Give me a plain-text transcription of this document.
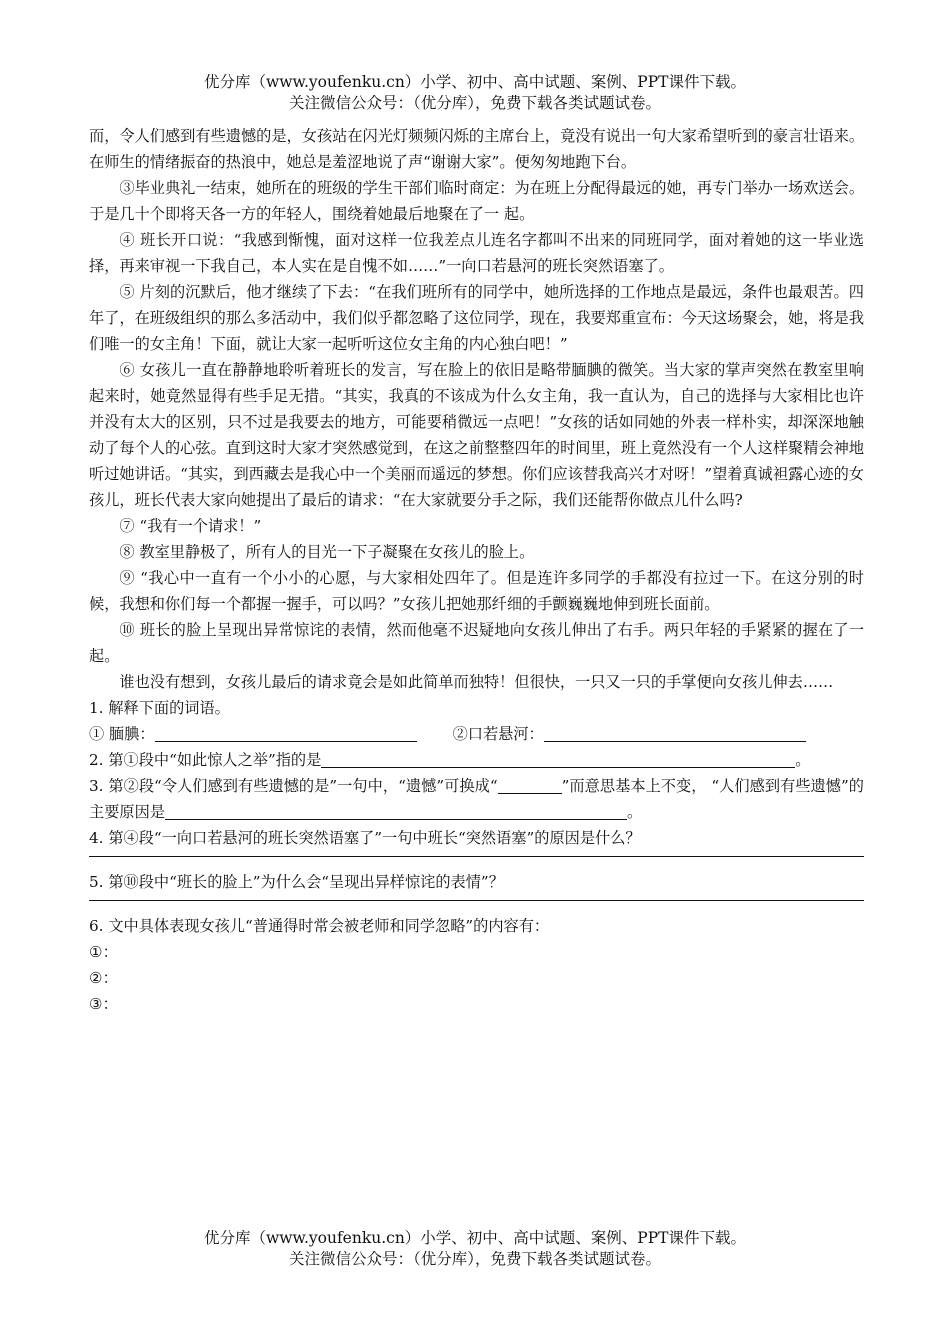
优分库（www.youfenku.cn）小学、初中、高中试题、案例、PPT课件下载。
关注微信公众号：（优分库），免费下载各类试题试卷。

而，令人们感到有些遗憾的是，女孩站在闪光灯频频闪烁的主席台上，竟没有说出一句大家希望听到的豪言壮语来。在师生的情绪振奋的热浪中，她总是羞涩地说了声“谢谢大家”。便匆匆地跑下台。

③毕业典礼一结束，她所在的班级的学生干部们临时商定：为在班上分配得最远的她，再专门举办一场欢送会。于是几十个即将天各一方的年轻人，围绕着她最后地聚在了一 起。

④ 班长开口说：“我感到惭愧，面对这样一位我差点儿连名字都叫不出来的同班同学，面对着她的这一毕业选择，再来审视一下我自己，本人实在是自愧不如……”一向口若悬河的班长突然语塞了。

⑤ 片刻的沉默后，他才继续了下去：“在我们班所有的同学中，她所选择的工作地点是最远，条件也最艰苦。四年了，在班级组织的那么多活动中，我们似乎都忽略了这位同学，现在，我要郑重宣布：今天这场聚会，她，将是我们唯一的女主角！下面，就让大家一起听听这位女主角的内心独白吧！”

⑥ 女孩儿一直在静静地聆听着班长的发言，写在脸上的依旧是略带腼腆的微笑。当大家的掌声突然在教室里响起来时，她竟然显得有些手足无措。“其实，我真的不该成为什么女主角，我一直认为，自己的选择与大家相比也许并没有太大的区别，只不过是我要去的地方，可能要稍微远一点吧！”女孩的话如同她的外表一样朴实，却深深地触动了每个人的心弦。直到这时大家才突然感觉到，在这之前整整四年的时间里，班上竟然没有一个人这样聚精会神地听过她讲话。“其实，到西藏去是我心中一个美丽而遥远的梦想。你们应该替我高兴才对呀！”望着真诚袒露心迹的女孩儿，班长代表大家向她提出了最后的请求：“在大家就要分手之际，我们还能帮你做点儿什么吗?

⑦ “我有一个请求！”

⑧ 教室里静极了，所有人的目光一下子凝聚在女孩儿的脸上。

⑨ “我心中一直有一个小小的心愿，与大家相处四年了。但是连许多同学的手都没有拉过一下。在这分别的时候，我想和你们每一个都握一握手，可以吗？”女孩儿把她那纤细的手颤巍巍地伸到班长面前。

⑩ 班长的脸上呈现出异常惊诧的表情，然而他毫不迟疑地向女孩儿伸出了右手。两只年轻的手紧紧的握在了一起。

谁也没有想到，女孩儿最后的请求竟会是如此简单而独特！但很快，一只又一只的手掌便向女孩儿伸去……

1. 解释下面的词语。

① 腼腆：	②口若悬河：

2. 第①段中“如此惊人之举”指的是	。

3. 第②段“令人们感到有些遗憾的是”一句中，“遗憾”可换成“	”而意思基本上不变， “人们感到有些遗憾”的主要原因是	。

4. 第④段“一向口若悬河的班长突然语塞了”一句中班长“突然语塞”的原因是什么？

5. 第⑩段中“班长的脸上”为什么会“呈现出异样惊诧的表情”？

6. 文中具体表现女孩儿“普通得时常会被老师和同学忽略”的内容有：

①：

②：

③：

优分库（www.youfenku.cn）小学、初中、高中试题、案例、PPT课件下载。
关注微信公众号：（优分库），免费下载各类试题试卷。
